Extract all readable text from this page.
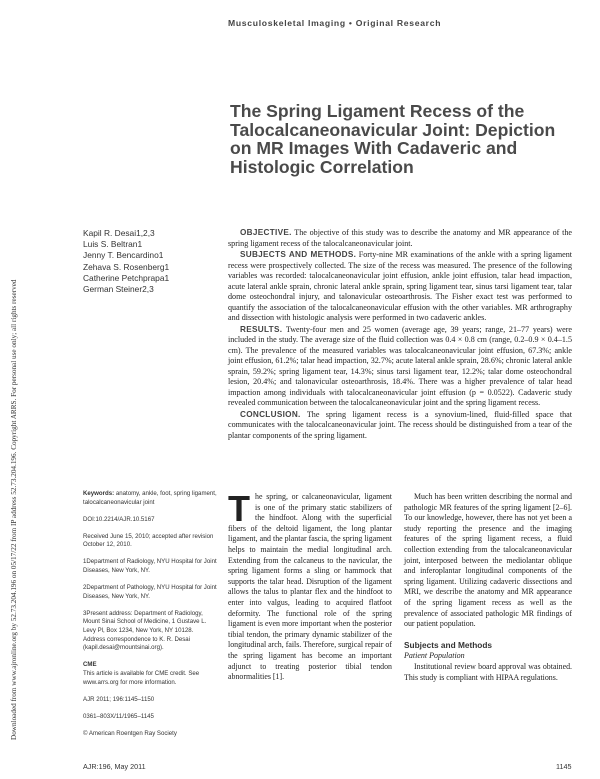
Downloaded from www.ajronline.org by 52.73.204.196 on 05/17/22 from IP address 52.73.204.196. Copyright ARRS. For personal use only; all rights reserved
Musculoskeletal Imaging • Original Research
The Spring Ligament Recess of the Talocalcaneonavicular Joint: Depiction on MR Images With Cadaveric and Histologic Correlation
Kapil R. Desai1,2,3
Luis S. Beltran1
Jenny T. Bencardino1
Zehava S. Rosenberg1
Catherine Petchprapa1
German Steiner2,3

OBJECTIVE. The objective of this study was to describe the anatomy and MR appearance of the spring ligament recess of the talocalcaneonavicular joint.

SUBJECTS AND METHODS. Forty-nine MR examinations of the ankle with a spring ligament recess were prospectively collected. The size of the recess was measured. The presence of the following variables was recorded: talocalcaneonavicular joint effusion, ankle joint effusion, talar head impaction, acute lateral ankle sprain, chronic lateral ankle sprain, spring ligament tear, sinus tarsi ligament tear, talar dome osteochondral injury, and talonavicular osteoarthrosis. The Fisher exact test was performed to quantify the association of the talocalcaneonavicular effusion with the other variables. MR arthrography and dissection with histologic analysis were performed in two cadaveric ankles.

RESULTS. Twenty-four men and 25 women (average age, 39 years; range, 21–77 years) were included in the study. The average size of the fluid collection was 0.4 × 0.8 cm (range, 0.2–0.9 × 0.4–1.5 cm). The prevalence of the measured variables was talocalcaneonavicular joint effusion, 67.3%; ankle joint effusion, 61.2%; talar head impaction, 32.7%; acute lateral ankle sprain, 28.6%; chronic lateral ankle sprain, 59.2%; spring ligament tear, 14.3%; sinus tarsi ligament tear, 12.2%; talar dome osteochondral lesion, 20.4%; and talonavicular osteoarthrosis, 18.4%. There was a higher prevalence of talar head impaction among individuals with talocalcaneonavicular joint effusion (p = 0.0522). Cadaveric study revealed communication between the talocalcaneonavicular joint and the spring ligament recess.

CONCLUSION. The spring ligament recess is a synovium-lined, fluid-filled space that communicates with the talocalcaneonavicular joint. The recess should be distinguished from a tear of the plantar components of the spring ligament.

Keywords: anatomy, ankle, foot, spring ligament, talocalcaneonavicular joint
DOI:10.2214/AJR.10.5167
Received June 15, 2010; accepted after revision October 12, 2010.
1Department of Radiology, NYU Hospital for Joint Diseases, New York, NY.
2Department of Pathology, NYU Hospital for Joint Diseases, New York, NY.
3Present address: Department of Radiology, Mount Sinai School of Medicine, 1 Gustave L. Levy Pl, Box 1234, New York, NY 10128. Address correspondence to K. R. Desai (kapil.desai@mountsinai.org).
CME
This article is available for CME credit. See www.arrs.org for more information.
AJR 2011; 196:1145–1150
0361–803X/11/1965–1145
© American Roentgen Ray Society
T he spring, or calcaneonavicular, ligament is one of the primary static stabilizers of the hindfoot. Along with the superficial fibers of the deltoid ligament, the long plantar ligament, and the plantar fascia, the spring ligament helps to maintain the medial longitudinal arch. Extending from the calcaneus to the navicular, the spring ligament forms a sling or hammock that supports the talar head. Disruption of the ligament allows the talus to plantar flex and the hindfoot to enter into valgus, leading to acquired flatfoot deformity. The functional role of the spring ligament is even more important when the posterior tibial tendon, the primary dynamic stabilizer of the longitudinal arch, fails. Therefore, surgical repair of the spring ligament has become an important adjunct to treating posterior tibial tendon abnormalities [1].
Much has been written describing the normal and pathologic MR features of the spring ligament [2–6]. To our knowledge, however, there has not yet been a study reporting the presence and the imaging features of the spring ligament recess, a fluid collection extending from the talocalcaneonavicular joint, interposed between the mediolantar oblique and inferoplantar longitudinal components of the spring ligament. Utilizing cadaveric dissections and MRI, we describe the anatomy and MR appearance of the spring ligament recess as well as the prevalence of associated pathologic MR findings of our patient population.
Subjects and Methods
Patient Population
Institutional review board approval was obtained. This study is compliant with HIPAA regulations.
AJR:196, May 2011	1145
